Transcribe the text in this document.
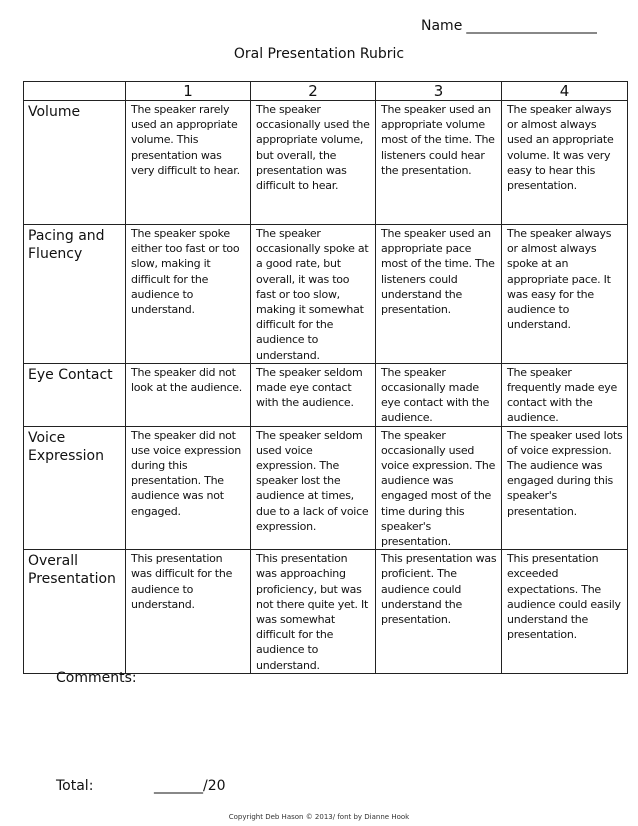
Name ____________________
Oral Presentation Rubric
	1	2	3	4
Volume	The speaker rarely used an appropriate volume. This presentation was very difficult to hear.	The speaker occasionally used the appropriate volume, but overall, the presentation was difficult to hear.	The speaker used an appropriate volume most of the time. The listeners could hear the presentation.	The speaker always or almost always used an appropriate volume. It was very easy to hear this presentation.
Pacing and Fluency	The speaker spoke either too fast or too slow, making it difficult for the audience to understand.	The speaker occasionally spoke at a good rate, but overall, it was too fast or too slow, making it somewhat difficult for the audience to understand.	The speaker used an appropriate pace most of the time. The listeners could understand the presentation.	The speaker always or almost always spoke at an appropriate pace. It was easy for the audience to understand.
Eye Contact	The speaker did not look at the audience.	The speaker seldom made eye contact with the audience.	The speaker occasionally made eye contact with the audience.	The speaker frequently made eye contact with the audience.
Voice Expression	The speaker did not use voice expression during this presentation. The audience was not engaged.	The speaker seldom used voice expression. The speaker lost the audience at times, due to a lack of voice expression.	The speaker occasionally used voice expression. The audience was engaged most of the time during this speaker's presentation.	The speaker used lots of voice expression. The audience was engaged during this speaker's presentation.
Overall Presentation	This presentation was difficult for the audience to understand.	This presentation was approaching proficiency, but was not there quite yet. It was somewhat difficult for the audience to understand.	This presentation was proficient. The audience could understand the presentation.	This presentation exceeded expectations. The audience could easily understand the presentation.
Comments:
Total:	_______/20
Copyright Deb Hason © 2013/ font by Dianne Hook
